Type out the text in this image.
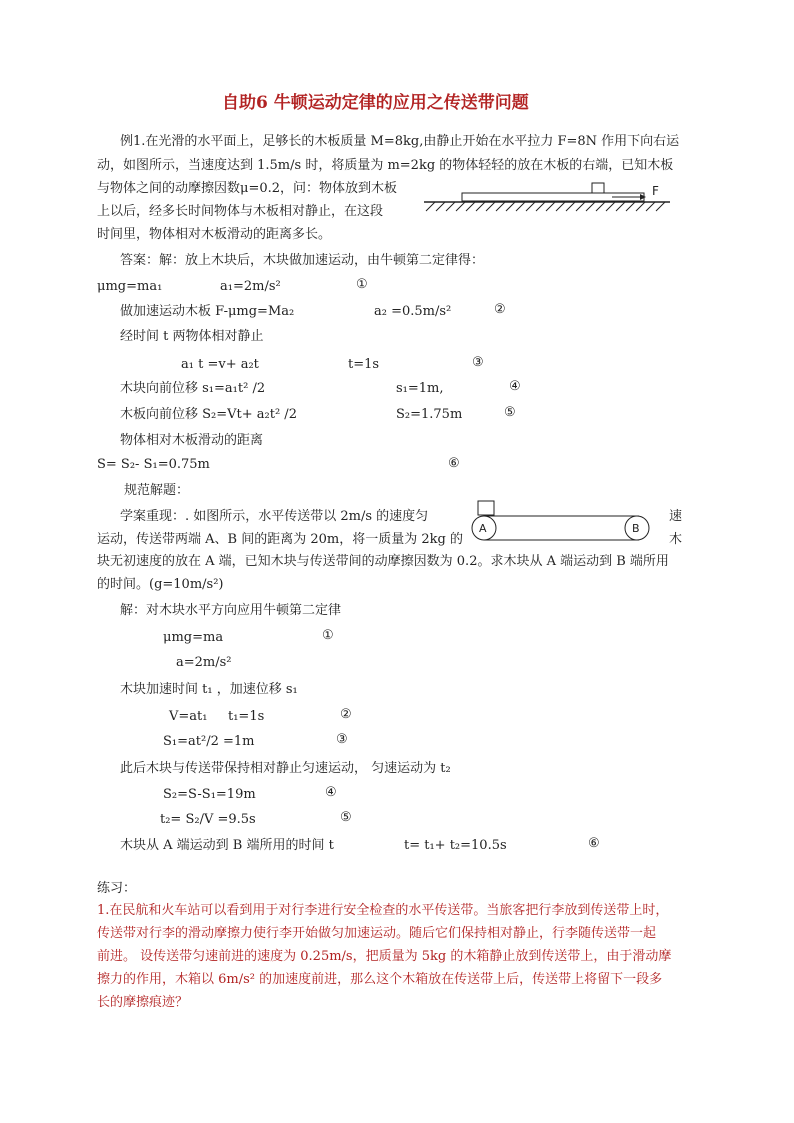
自助6 牛顿运动定律的应用之传送带问题
例1.在光滑的水平面上，足够长的木板质量 M=8kg,由静止开始在水平拉力 F=8N 作用下向右运
动，如图所示，当速度达到 1.5m/s 时，将质量为 m=2kg 的物体轻轻的放在木板的右端，已知木板
与物体之间的动摩擦因数μ=0.2，问：物体放到木板
上以后，经多长时间物体与木板相对静止，在这段
时间里，物体相对木板滑动的距离多长。
F
答案：解：放上木块后，木块做加速运动，由牛顿第二定律得：
μmg=ma₁	a₁=2m/s²	①
做加速运动木板 F-μmg=Ma₂	a₂ =0.5m/s²	②
经时间 t 两物体相对静止
a₁ t =v+ a₂t	t=1s	③
木块向前位移 s₁=a₁t² /2	s₁=1m,	④
木板向前位移 S₂=Vt+ a₂t² /2	S₂=1.75m	⑤
物体相对木板滑动的距离
S= S₂- S₁=0.75m	⑥
规范解题：
学案重现：. 如图所示，水平传送带以 2m/s 的速度匀	速
运动，传送带两端 A、B 间的距离为 20m，将一质量为 2kg 的	木
块无初速度的放在 A 端，已知木块与传送带间的动摩擦因数为 0.2。求木块从 A 端运动到 B 端所用
的时间。(g=10m/s²)
A	B
解：对木块水平方向应用牛顿第二定律
μmg=ma	①
a=2m/s²
木块加速时间 t₁ ，加速位移 s₁
V=at₁ t₁=1s	②
S₁=at²/2 =1m	③
此后木块与传送带保持相对静止匀速运动， 匀速运动为 t₂
S₂=S-S₁=19m	④
t₂= S₂/V =9.5s	⑤
木块从 A 端运动到 B 端所用的时间 t	t= t₁+ t₂=10.5s	⑥
练习：
1.在民航和火车站可以看到用于对行李进行安全检查的水平传送带。当旅客把行李放到传送带上时，
传送带对行李的滑动摩擦力使行李开始做匀加速运动。随后它们保持相对静止，行李随传送带一起
前进。 设传送带匀速前进的速度为 0.25m/s，把质量为 5kg 的木箱静止放到传送带上，由于滑动摩
擦力的作用，木箱以 6m/s² 的加速度前进，那么这个木箱放在传送带上后，传送带上将留下一段多
长的摩擦痕迹？
